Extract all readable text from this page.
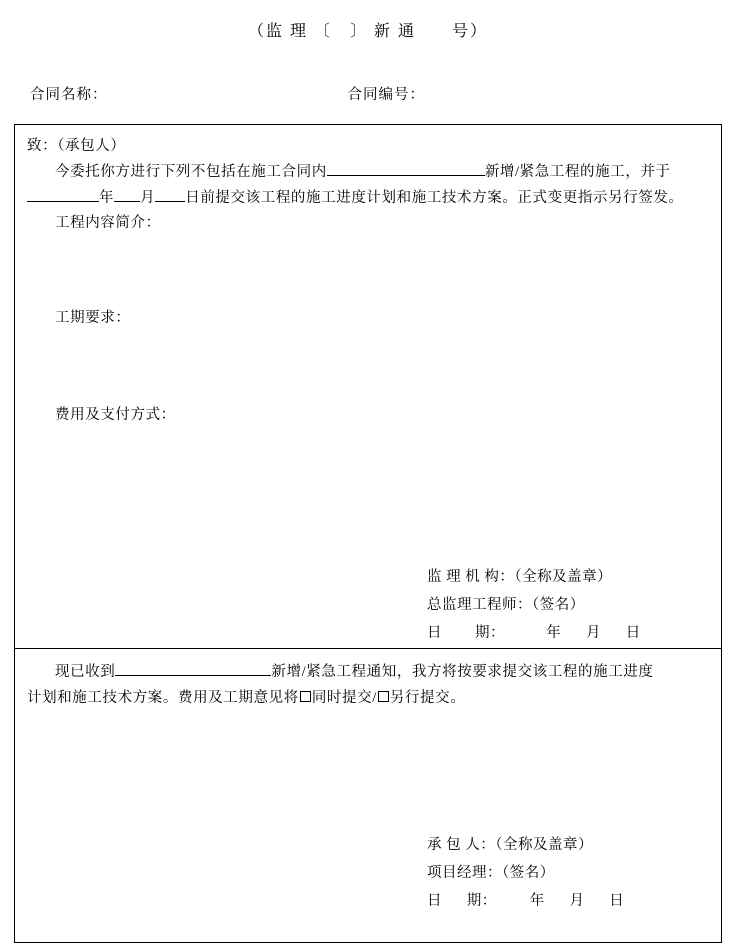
（监 理 〔   〕 新 通      号）
合同名称：	合同编号：
致：（承包人）
今委托你方进行下列不包括在施工合同内	新增/紧急工程的施工，并于
年 月 日前提交该工程的施工进度计划和施工技术方案。正式变更指示另行签发。
工程内容简介：
工期要求：
费用及支付方式：
监 理 机 构：（全称及盖章）
总监理工程师：（签名）
日        期：          年      月      日
现已收到	新增/紧急工程通知，我方将按要求提交该工程的施工进度
计划和施工技术方案。费用及工期意见将 同时提交/ 另行提交。
承 包 人：（全称及盖章）
项目经理：（签名）
日      期：        年      月      日
